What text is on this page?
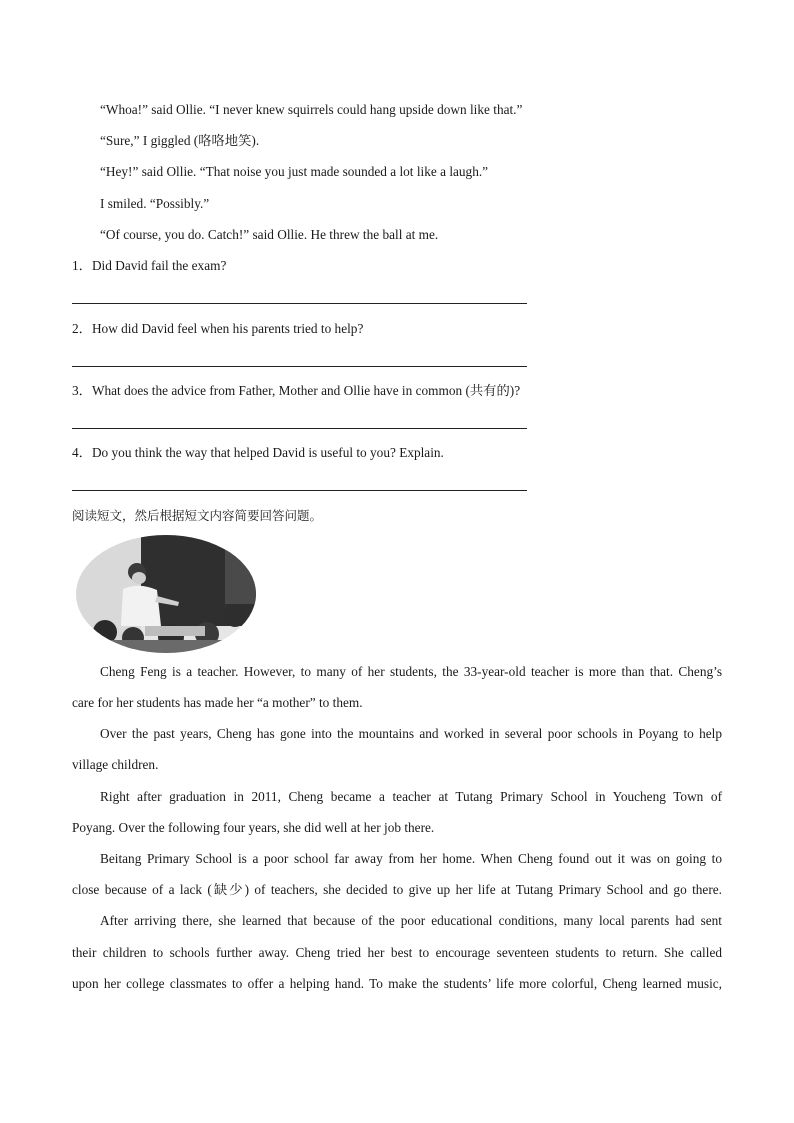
“Whoa!” said Ollie. “I never knew squirrels could hang upside down like that.”
“Sure,” I giggled (咯咯地笑).
“Hey!” said Ollie. “That noise you just made sounded a lot like a laugh.”
I smiled. “Possibly.”
“Of course, you do. Catch!” said Ollie. He threw the ball at me.
1．Did David fail the exam?
2．How did David feel when his parents tried to help?
3．What does the advice from Father, Mother and Ollie have in common (共有的)?
4．Do you think the way that helped David is useful to you? Explain.
阅读短文，然后根据短文内容简要回答问题。
Cheng Feng is a teacher. However, to many of her students, the 33-year-old teacher is more than that. Cheng’s
care for her students has made her “a mother” to them.
Over the past years, Cheng has gone into the mountains and worked in several poor schools in Poyang to help
village children.
Right after graduation in 2011, Cheng became a teacher at Tutang Primary School in Youcheng Town of
Poyang. Over the following four years, she did well at her job there.
Beitang Primary School is a poor school far away from her home. When Cheng found out it was on going to
close because of a lack (缺少) of teachers, she decided to give up her life at Tutang Primary School and go there.
After arriving there, she learned that because of the poor educational conditions, many local parents had sent
their children to schools further away. Cheng tried her best to encourage seventeen students to return. She called
upon her college classmates to offer a helping hand. To make the students’ life more colorful, Cheng learned music,
